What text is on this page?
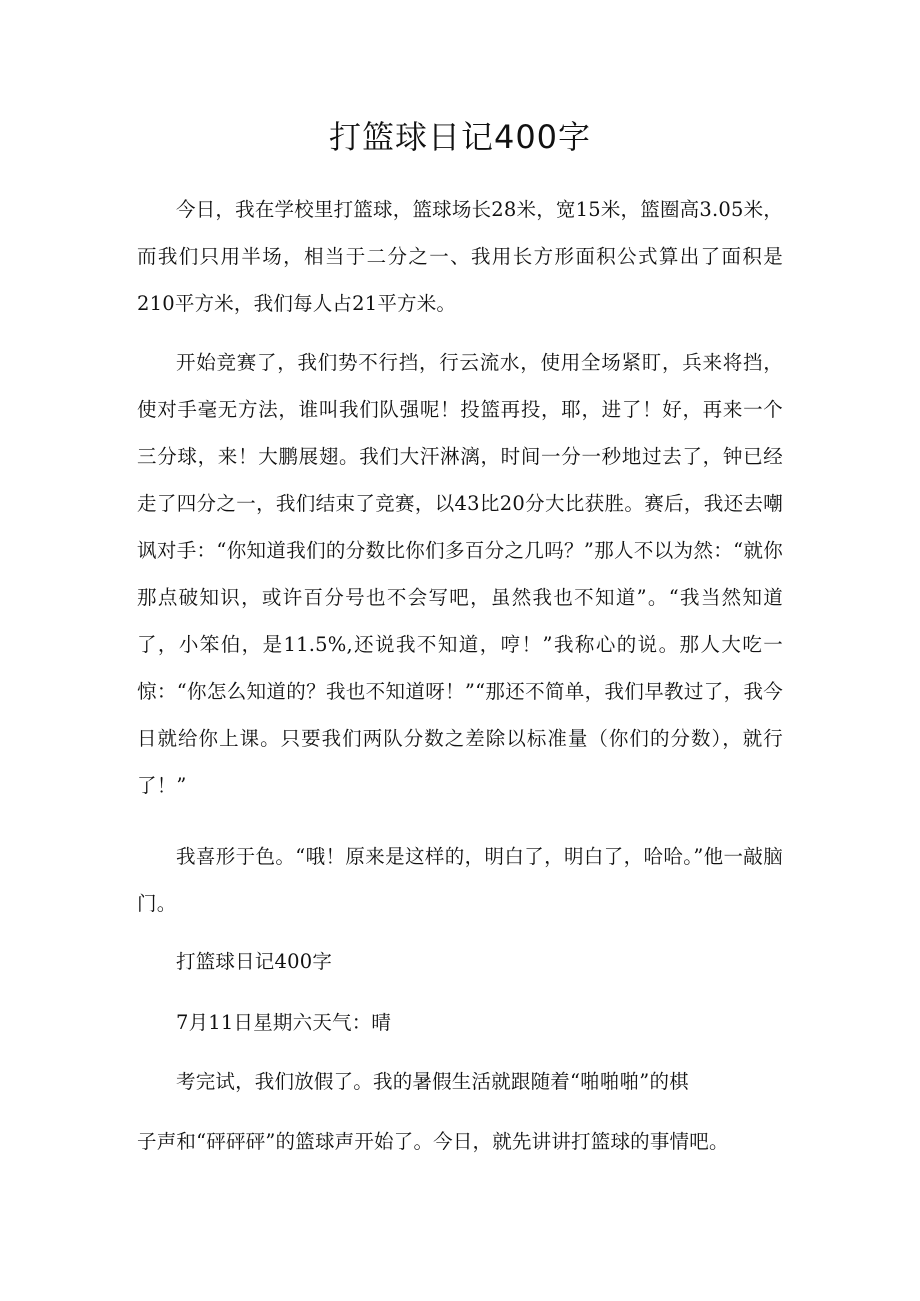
打篮球日记400字

今日，我在学校里打篮球，篮球场长28米，宽15米，篮圈高3.05米，而我们只用半场，相当于二分之一、我用长方形面积公式算出了面积是210平方米，我们每人占21平方米。

开始竞赛了，我们势不行挡，行云流水，使用全场紧盯，兵来将挡，使对手毫无方法，谁叫我们队强呢！投篮再投，耶，进了！好，再来一个三分球，来！大鹏展翅。我们大汗淋漓，时间一分一秒地过去了，钟已经走了四分之一，我们结束了竞赛，以43比20分大比获胜。赛后，我还去嘲讽对手：“你知道我们的分数比你们多百分之几吗？”那人不以为然：“就你那点破知识，或许百分号也不会写吧，虽然我也不知道”。“我当然知道了，小笨伯，是11.5%,还说我不知道，哼！”我称心的说。那人大吃一惊：“你怎么知道的？我也不知道呀！”“那还不简单，我们早教过了，我今日就给你上课。只要我们两队分数之差除以标准量（你们的分数），就行了！”

我喜形于色。“哦！原来是这样的，明白了，明白了，哈哈。”他一敲脑门。

打篮球日记400字

7月11日星期六天气：晴

考完试，我们放假了。我的暑假生活就跟随着“啪啪啪”的棋

子声和“砰砰砰”的篮球声开始了。今日，就先讲讲打篮球的事情吧。
